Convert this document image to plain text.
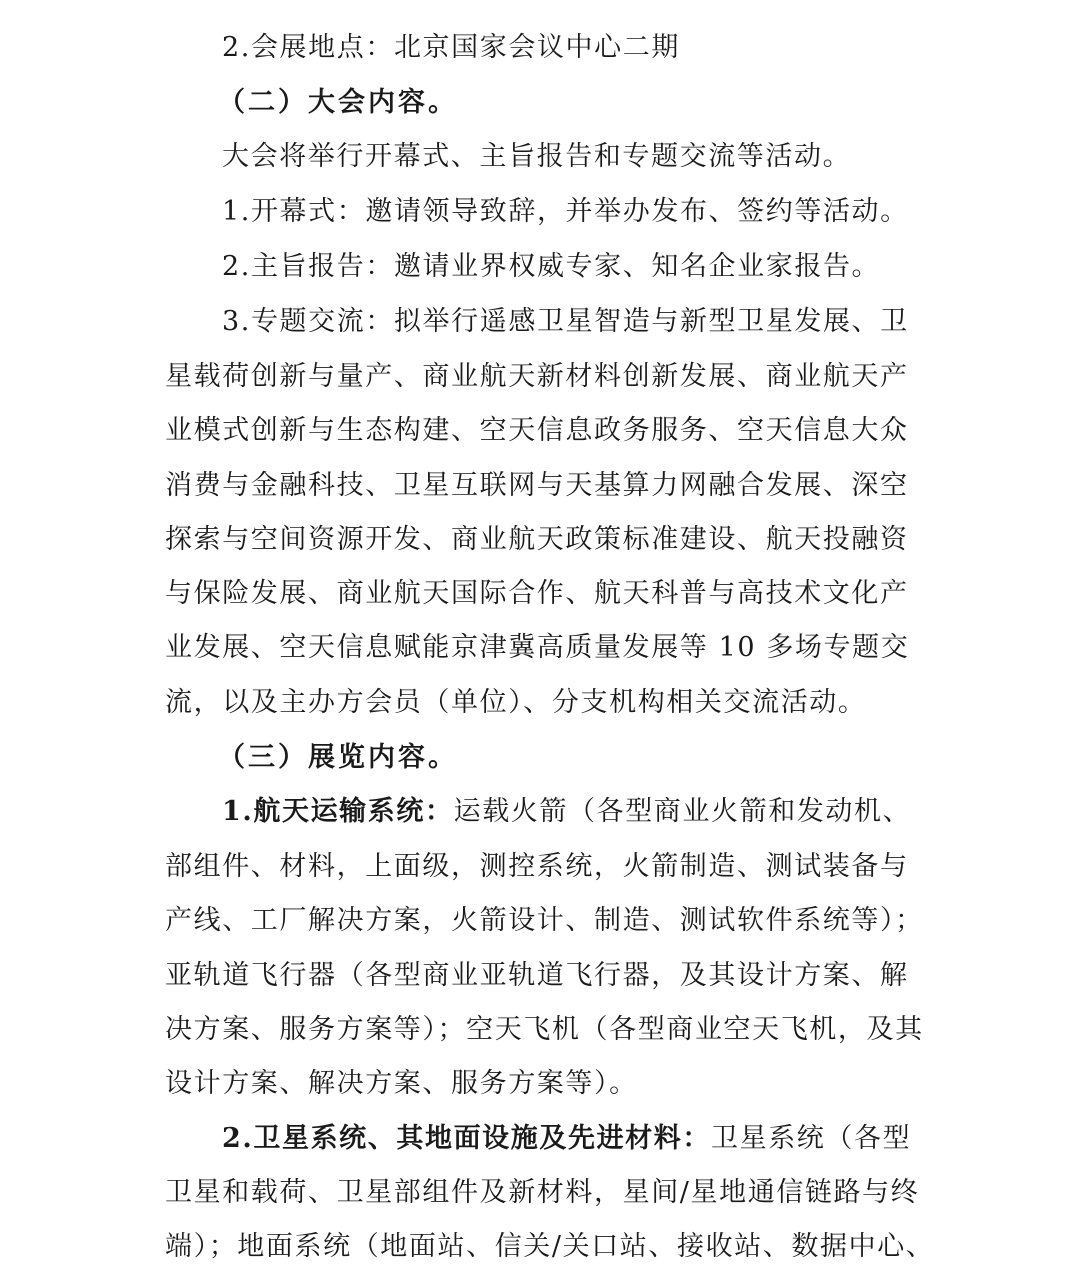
2.会展地点：北京国家会议中心二期
（二）大会内容。
大会将举行开幕式、主旨报告和专题交流等活动。
1.开幕式：邀请领导致辞，并举办发布、签约等活动。
2.主旨报告：邀请业界权威专家、知名企业家报告。
3.专题交流：拟举行遥感卫星智造与新型卫星发展、卫
星载荷创新与量产、商业航天新材料创新发展、商业航天产
业模式创新与生态构建、空天信息政务服务、空天信息大众
消费与金融科技、卫星互联网与天基算力网融合发展、深空
探索与空间资源开发、商业航天政策标准建设、航天投融资
与保险发展、商业航天国际合作、航天科普与高技术文化产
业发展、空天信息赋能京津冀高质量发展等 10 多场专题交
流，以及主办方会员（单位）、分支机构相关交流活动。
（三）展览内容。
1.航天运输系统：运载火箭（各型商业火箭和发动机、
部组件、材料，上面级，测控系统，火箭制造、测试装备与
产线、工厂解决方案，火箭设计、制造、测试软件系统等）；
亚轨道飞行器（各型商业亚轨道飞行器，及其设计方案、解
决方案、服务方案等）；空天飞机（各型商业空天飞机，及其
设计方案、解决方案、服务方案等）。
2.卫星系统、其地面设施及先进材料：卫星系统（各型
卫星和载荷、卫星部组件及新材料，星间/星地通信链路与终
端）；地面系统（地面站、信关/关口站、接收站、数据中心、
